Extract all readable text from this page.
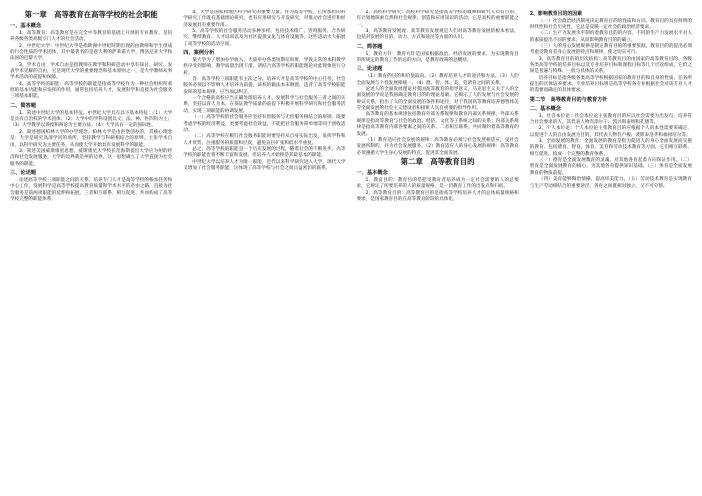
第一章　高等教育在高等学校的社会职能
一、基本概念

1、高等教育：高等教育是在完全中等教育的基础上开展的专业教育，是培养各级各类高级专门人才的社会活动。

2、中世纪大学：中世纪大学是指欧洲中世纪时期出现的由教师和学生组成的行会性质的学术团体，其中最著名的是意大利的萨莱诺大学、博洛尼亚大学和法国的巴黎大学。

3、学术自由：学术自由是指教师在教学和科研活动中享有探讨、研究、发表学术见解的自由，它是现代大学的重要理念和基本原则之一，是大学教师从事学术活动的前提和保障。

4、高等学校的职能：高等学校的职能是指高等学校作为一种社会组织所承担的基本功能和应发挥的作用，通常包括培养人才、发展科学和直接为社会服务三项基本职能。

二、简答题

1、简述中世纪大学的基本特征。中世纪大学具有以下基本特征：（1）大学是具有自治权的学术团体；（2）大学中的学科设置以文、法、神、医四科为主；（3）大学教学以讲授和辩论为主要方法；（4）大学具有一定的国际性。

2、简述德国柏林大学的办学理念。柏林大学是由洪堡创办的，其核心理念是：大学是研究高深学问的场所，坚持教学与科研相结合的原则，主张学术自由，以科学研究为主要任务，从而使大学开始具有发展科学的职能。

3、简述美国威斯康星思想。威斯康星大学校长范海斯提出大学应为州的经济和社会发展服务，大学的边界就是州的边界。这一思想确立了大学直接为社会服务的职能。

三、论述题

论述高等学校三项职能之间的关系。培养专门人才是高等学校的根本任务和中心工作，发展科学是高等学校提高教育质量和学术水平的必由之路，直接为社会服务是前两项职能的延伸和拓展。三者相互联系、相互促进，共同构成了高等学校完整的职能体系。

4、大学是国家和地区科学研究的重要力量。作为高等学校，它所承担的科学研究工作既有基础理论研究，也有应用研究与开发研究，对推动社会进步和经济发展具有重要作用。

5、高等学校的社会服务活动多种多样，包括技术推广、咨询服务、合作研究、继续教育、人才培训以及为社区提供文化与体育设施等，这些活动大大拓展了高等学校的活动空间。

四、案例分析

某大学为了增加办学收入，大量举办各类短期培训班，导致正常的本科教学秩序受到影响，教学质量出现下滑。请结合高等学校的职能理论对此现象进行分析。

答：高等学校三项职能有主次之分。培养人才是高等学校的中心任务，社会服务必须以不影响人才培养为前提。该校的做法本末倒置，违背了高等学校职能发挥的基本规律，应当加以纠正。

一个合格的高校应当正确处理培养人才、发展科学与社会服务三者之间的关系，坚持以育人为本，在保证教学质量的前提下积极开展科学研究和社会服务活动，实现三项职能的协调发展。

（一）高等学校的社会服务应坚持有偿服务与无偿服务相结合的原则，既要考虑学校的经济利益，更要考虑社会效益，不能把社会服务简单地等同于创收活动。

（二）高等学校在履行社会服务职能时要坚持从自身实际出发，发挥学科和人才优势，注重服务的质量和层次，避免盲目扩张和低水平重复。

总之，高等学校的职能是一个历史发展的过程，随着社会的不断进步，高等学校的职能也将不断丰富和发展，但培养人才始终是其最基本的职能。

中世纪大学以培养人才为唯一职能，近代以来科学研究进入大学，现代大学又增加了社会服务职能，这体现了高等学校与社会之间日益密切的联系。

2、高校科学研究：高校科学研究是指高等学校的教师和研究人员有目的、有计划地探索自然和社会规律、创造和应用知识的活动，它是高校的重要职能之一。

3、高等教育发展观：高等教育发展观是人们对高等教育发展的根本看法，包括对发展的目的、动力、方式和途径等方面的认识。

二、简答题

1、教育方针：教育方针是国家根据政治、经济发展的要求，为实现教育目的所规定的教育工作的总的方向，是教育政策的总概括。

三、论述题

（1）教育的目的和价值取向。（2）教育培养人才的途径和方法。（3）人的全面发展与个性发展相统一。（4）德、智、体、美、劳诸育之间的关系。

论述人的全面发展理论对我国高等教育的指导意义。马克思主义关于人的全面发展的学说是我国确定教育目的的理论基础。它揭示了人的发展与社会发展的辩证关系，指出了人的全面发展的条件和途径，对于我国高等教育培养德智体美劳全面发展的社会主义建设者和接班人具有重要的指导作用。

高等教育的基本规律包括教育外部关系规律和教育内部关系规律。外部关系规律是指高等教育与社会的政治、经济、文化等子系统之间的关系；内部关系规律是指高等教育内部各要素之间的关系。二者相互联系，共同制约着高等教育的发展。

（1）教育适应社会发展的规律：高等教育必须与社会发展相适应，受社会发展所制约，并为社会发展服务。（2）教育适应人的身心发展的规律：高等教育必须遵循大学生身心发展的特点，促进其全面发展。

第二章　高等教育目的
一、基本概念

1、教育目的：教育目的是把受教育者培养成为一定社会需要的人的总要求，它规定了所要培养的人的质量规格，是一切教育工作的出发点和归宿。

2、高等教育目的：高等教育目的是指高等学校培养人才的总体质量规格和要求，是国家教育目的在高等教育阶段的具体化。

2、影响教育目的的因素

（一）社会政治经济制度决定教育目的的性质和方向。教育目的具有鲜明的时代性和社会历史性，它总是反映一定社会的政治经济要求。

（二）生产力发展水平制约着教育目的的内容。不同的生产力发展水平对人的素质提出不同的要求，从而影响教育目的的确立。

（三）人的身心发展规律是制定教育目的的重要依据。教育目的的提出必须考虑受教育者身心发展的特点和规律，使之切实可行。

3、高等教育目的的层次结构：高等教育目的由国家的高等教育目的、各级各类高等学校的培养目标以及专业培养目标和课程目标等几个层次组成，它们之间是普遍与特殊、一般与具体的关系。

培养目标是指各级各类高等学校根据国家的教育目的和自身的性质、任务所提出的具体培养要求。专业培养目标则是高等学校各专业根据社会对该专业人才的需要而确定的具体要求。

第二节　高等教育目的与教育方针
二、基本概念

1、社会本位论：社会本位论主张教育目的应以社会需要为出发点，培养符合社会要求的人。其代表人物有涂尔干、凯兴斯泰纳和孔德等。

2、个人本位论：个人本位论主张教育目的应根据个人的本性需要来确定，以促进个人的自由发展为目的。其代表人物有卢梭、裴斯泰洛齐和福禄培尔等。

3、全面发展的教育：全面发展的教育是指为促进人的身心全面发展而实施的教育，包括德育、智育、体育、美育和劳动技术教育等方面，它们相互联系、相互促进，构成一个完整的教育体系。

（一）德育是全面发展教育的灵魂，对其他各育起着方向保证作用。（二）智育是全面发展教育的核心，为其他各育提供知识基础。（三）体育是全面发展教育的物质前提。

（四）美育能够陶冶情操、提高审美能力。（五）劳动技术教育是实现教育与生产劳动相结合的重要途径。各育之间既相对独立，又不可分割。
